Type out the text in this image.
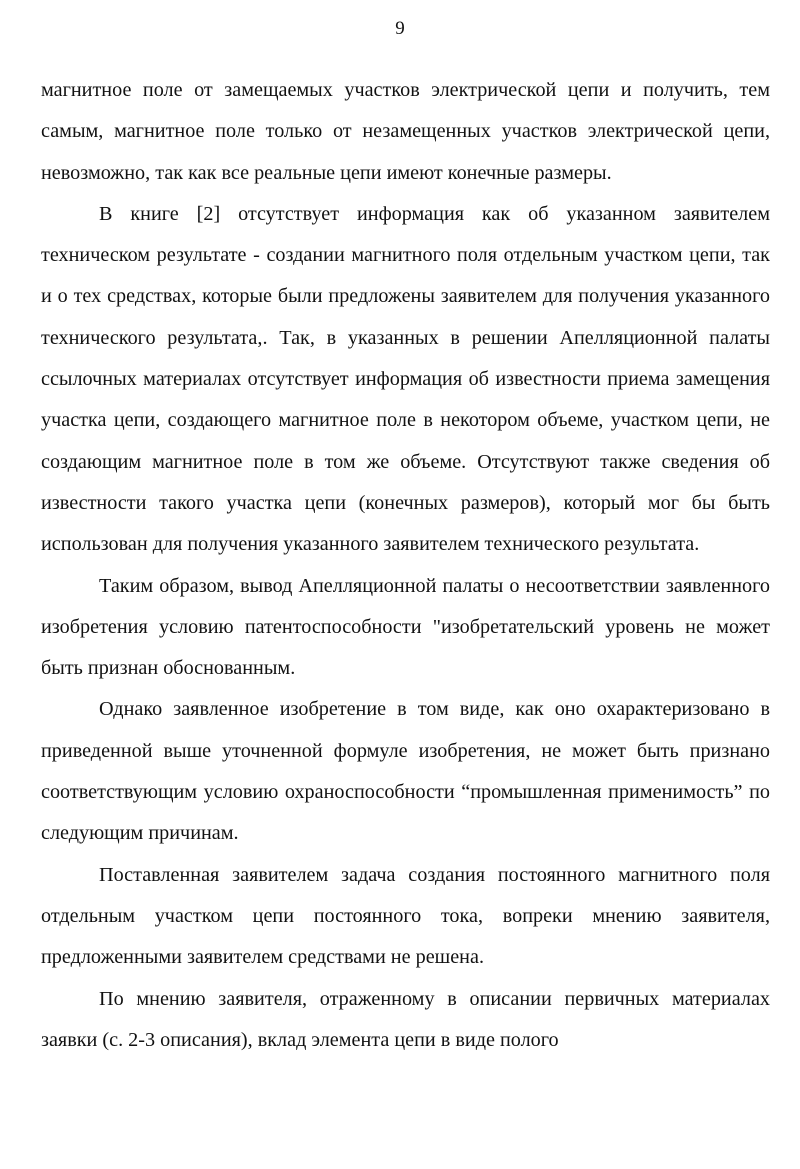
9

магнитное поле от замещаемых участков электрической цепи и получить, тем самым, магнитное поле только от незамещенных участков электрической цепи, невозможно, так как все реальные цепи имеют конечные размеры.

В книге [2] отсутствует информация как об указанном заявителем техническом результате - создании магнитного поля отдельным участком цепи, так и о тех средствах, которые были предложены заявителем для получения указанного технического результата,. Так, в указанных в решении Апелляционной палаты ссылочных материалах отсутствует информация об известности приема замещения участка цепи, создающего магнитное поле в некотором объеме, участком цепи, не создающим магнитное поле в том же объеме. Отсутствуют также сведения об известности такого участка цепи (конечных размеров), который мог бы быть использован для получения указанного заявителем технического результата.

Таким образом, вывод Апелляционной палаты о несоответствии заявленного изобретения условию патентоспособности "изобретательский уровень не может быть признан обоснованным.

Однако заявленное изобретение в том виде, как оно охарактеризовано в приведенной выше уточненной формуле изобретения, не может быть признано соответствующим условию охраноспособности “промышленная применимость” по следующим причинам.

Поставленная заявителем задача создания постоянного магнитного поля отдельным участком цепи постоянного тока, вопреки мнению заявителя, предложенными заявителем средствами не решена.

По мнению заявителя, отраженному в описании первичных материалах заявки (с. 2-3 описания), вклад элемента цепи в виде полого
